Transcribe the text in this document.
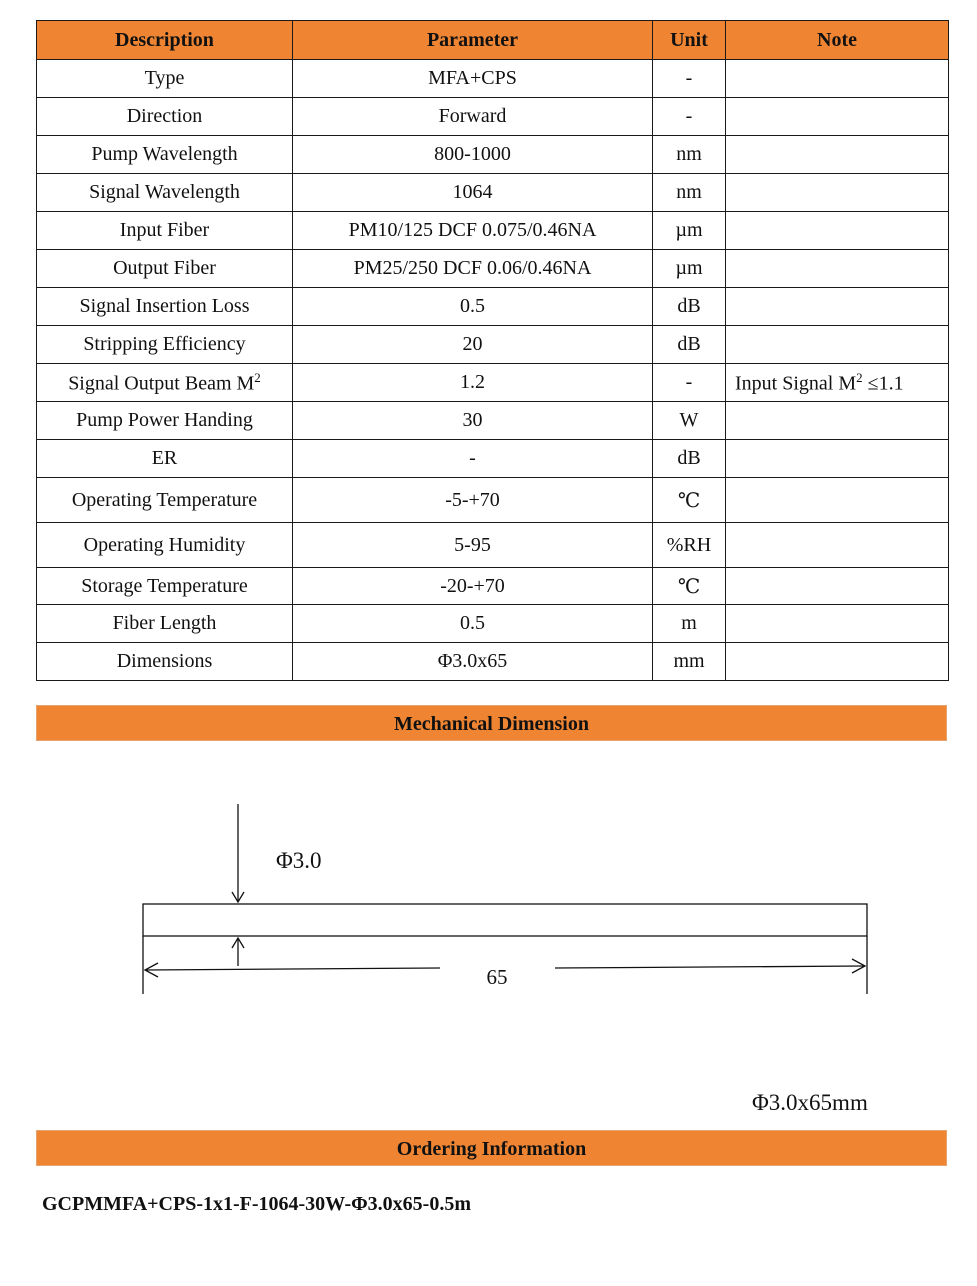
Description	Parameter	Unit	Note
Type	MFA+CPS	-	
Direction	Forward	-	
Pump Wavelength	800-1000	nm	
Signal Wavelength	1064	nm	
Input Fiber	PM10/125 DCF 0.075/0.46NA	µm	
Output Fiber	PM25/250 DCF 0.06/0.46NA	µm	
Signal Insertion Loss	0.5	dB	
Stripping Efficiency	20	dB	
Signal Output Beam $M^2$	1.2	-	Input Signal $M^2 \le 1.1$
Pump Power Handing	30	W	
ER	-	dB	
Operating Temperature	-5-+70	℃	
Operating Humidity	5-95	%RH	
Storage Temperature	-20-+70	℃	
Fiber Length	0.5	m	
Dimensions	Φ3.0x65	mm	
Mechanical Dimension
Φ3.0
65
Φ3.0x65mm
Ordering Information
GCPMMFA+CPS-1x1-F-1064-30W-Φ3.0x65-0.5m
